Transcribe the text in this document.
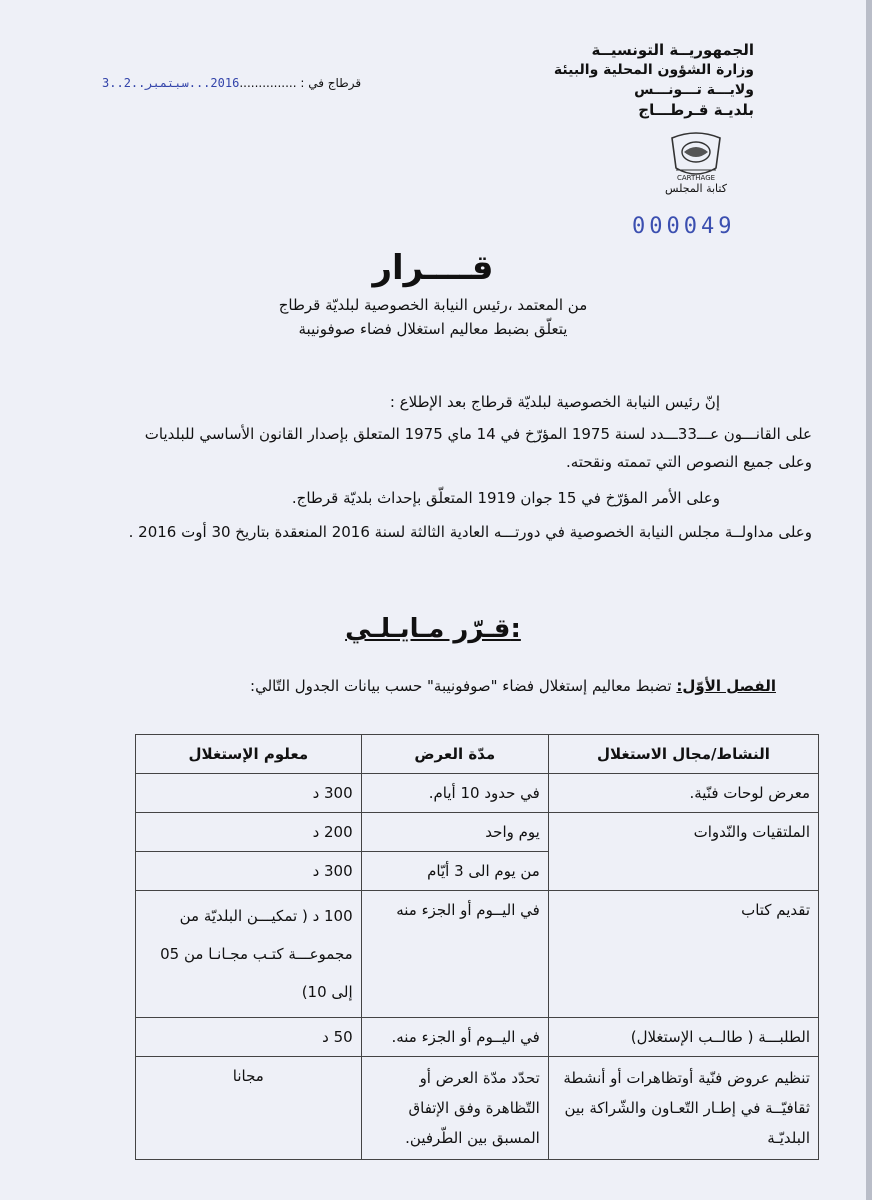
الجمهوريــة التونسيــة
وزارة الشؤون المحلية والبيئة
ولايـــة تـــونـــس
بلديـة قـرطـــاج
CARTHAGE
كتابة المجلس
000049
قرطاج في : ...............2016...سبتمبر..2..3
قــــرار
من المعتمد ،رئيس النيابة الخصوصية لبلديّة قرطاج
يتعلّق بضبط معاليم استغلال فضاء صوفونيبة

إنّ رئيس النيابة الخصوصية لبلديّة قرطاج بعد الإطلاع :

على القانـــون عـــ33ـــدد لسنة 1975 المؤرّخ في 14 ماي 1975 المتعلق بإصدار القانون الأساسي للبلديات وعلى جميع النصوص التي تممته ونقحته.

وعلى الأمر المؤرّخ في 15 جوان 1919 المتعلّق بإحداث بلديّة قرطاج.

وعلى مداولــة مجلس النيابة الخصوصية في دورتـــه العادية الثالثة لسنة 2016 المنعقدة بتاريخ 30 أوت 2016 .

قـرّر مـايـلـي:
الفصل الأوّل: تضبط معاليم إستغلال فضاء "صوفونيبة" حسب بيانات الجدول التّالي:
النشاط/مجال الاستغلال	مدّة العرض	معلوم الإستغلال
معرض لوحات فنّية.	في حدود 10 أيام.	300 د
الملتقيات والنّدوات	يوم واحد	200 د
	من يوم الى 3 أيّام	300 د
تقديم كتاب	في اليــوم أو الجزء منه	100 د ( تمكيـــن البلديّة من مجموعـــة كتـب مجـانـا من 05 إلى 10)
الطلبـــة ( طالــب الإستغلال)	في اليــوم أو الجزء منه.	50 د
تنظيم عروض فنّية أوتظاهرات أو أنشطة ثقافيّــة في إطـار التّعـاون والشّراكة بين البلديّـة	تحدّد مدّة العرض أو التّظاهرة وفق الإتفاق المسبق بين الطّرفين.	مجانا
